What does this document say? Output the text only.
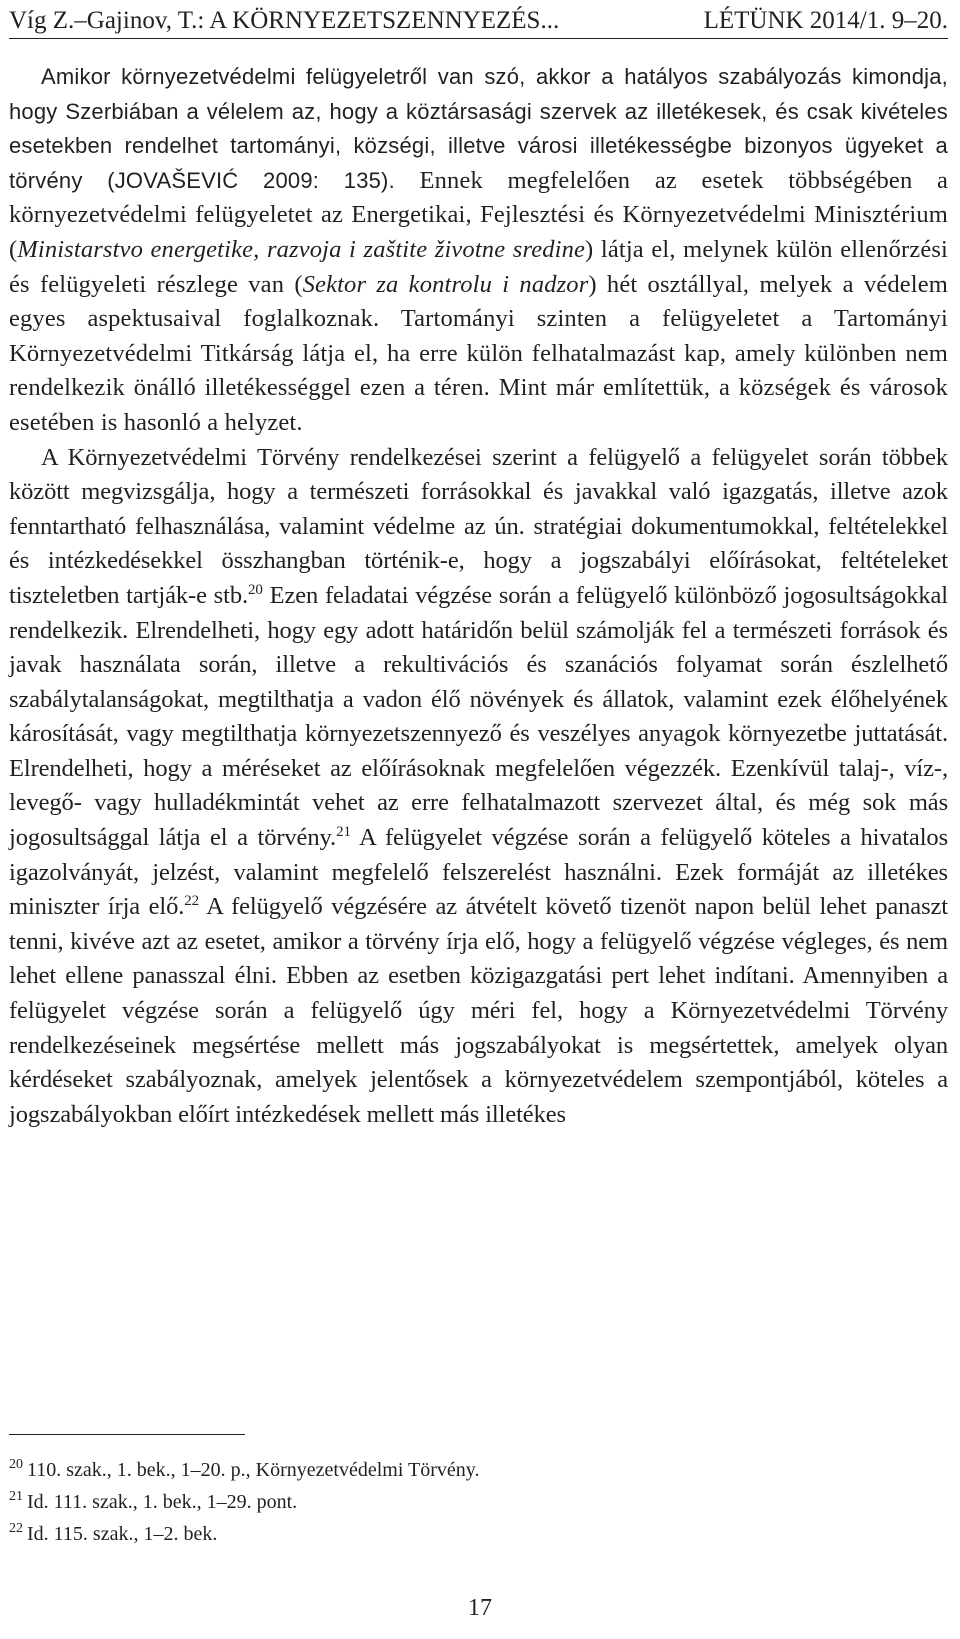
Víg Z.–Gajinov, T.: A KÖRNYEZETSZENNYEZÉS...	LÉTÜNK 2014/1. 9–20.

Amikor környezetvédelmi felügyeletről van szó, akkor a hatályos szabályozás kimondja, hogy Szerbiában a vélelem az, hogy a köztársasági szervek az illetékesek, és csak kivételes esetekben rendelhet tartományi, községi, illetve városi illetékességbe bizonyos ügyeket a törvény (JOVAŠEVIĆ 2009: 135). Ennek megfelelően az esetek többségében a környezetvédelmi felügyeletet az Energetikai, Fejlesztési és Környezetvédelmi Minisztérium (Ministarstvo energetike, razvoja i zaštite životne sredine) látja el, melynek külön ellenőrzési és felügyeleti részlege van (Sektor za kontrolu i nadzor) hét osztállyal, melyek a védelem egyes aspektusaival foglalkoznak. Tartományi szinten a felügyeletet a Tartományi Környezetvédelmi Titkárság látja el, ha erre külön felhatalmazást kap, amely különben nem rendelkezik önálló illetékességgel ezen a téren. Mint már említettük, a községek és városok esetében is hasonló a helyzet.

A Környezetvédelmi Törvény rendelkezései szerint a felügyelő a felügyelet során többek között megvizsgálja, hogy a természeti forrásokkal és javakkal való igazgatás, illetve azok fenntartható felhasználása, valamint védelme az ún. stratégiai dokumentumokkal, feltételekkel és intézkedésekkel összhangban történik-e, hogy a jogszabályi előírásokat, feltételeket tiszteletben tartják-e stb.$^{20}$ Ezen feladatai végzése során a felügyelő különböző jogosultságokkal rendelkezik. Elrendelheti, hogy egy adott határidőn belül számolják fel a természeti források és javak használata során, illetve a rekultivációs és szanációs folyamat során észlelhető szabálytalanságokat, megtilthatja a vadon élő növények és állatok, valamint ezek élőhelyének károsítását, vagy megtilthatja környezetszennyező és veszélyes anyagok környezetbe juttatását. Elrendelheti, hogy a méréseket az előírásoknak megfelelően végezzék. Ezenkívül talaj-, víz-, levegő- vagy hulladékmintát vehet az erre felhatalmazott szervezet által, és még sok más jogosultsággal látja el a törvény.$^{21}$ A felügyelet végzése során a felügyelő köteles a hivatalos igazolványát, jelzést, valamint megfelelő felszerelést használni. Ezek formáját az illetékes miniszter írja elő.$^{22}$ A felügyelő végzésére az átvételt követő tizenöt napon belül lehet panaszt tenni, kivéve azt az esetet, amikor a törvény írja elő, hogy a felügyelő végzése végleges, és nem lehet ellene panasszal élni. Ebben az esetben közigazgatási pert lehet indítani. Amennyiben a felügyelet végzése során a felügyelő úgy méri fel, hogy a Környezetvédelmi Törvény rendelkezéseinek megsértése mellett más jogszabályokat is megsértettek, amelyek olyan kérdéseket szabályoznak, amelyek jelentősek a környezetvédelem szempontjából, köteles a jogszabályokban előírt intézkedések mellett más illetékes

$^{20}$ 110. szak., 1. bek., 1–20. p., Környezetvédelmi Törvény.
$^{21}$ Id. 111. szak., 1. bek., 1–29. pont.
$^{22}$ Id. 115. szak., 1–2. bek.
17
